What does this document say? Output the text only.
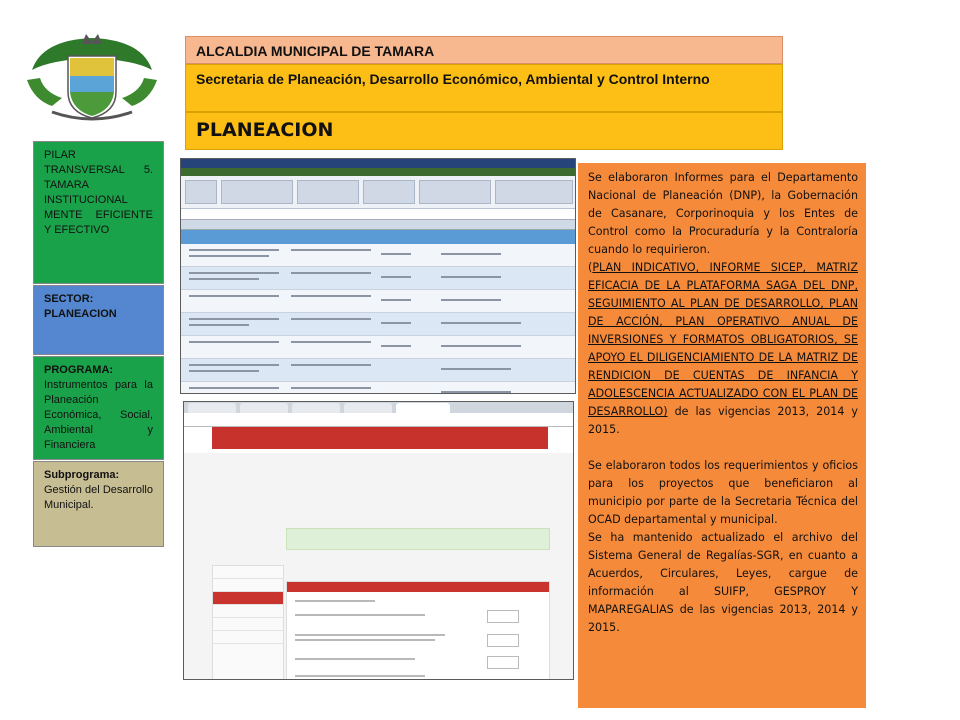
ALCALDIA MUNICIPAL DE TAMARA
Secretaria de Planeación, Desarrollo Económico, Ambiental y Control Interno
PLANEACION
PILAR TRANSVERSAL 5. TAMARA INSTITUCIONAL MENTE EFICIENTE Y EFECTIVO
SECTOR: PLANEACION
PROGRAMA: Instrumentos para la Planeación Económica, Social, Ambiental y Financiera
Subprograma: Gestión del Desarrollo Municipal.

Se elaboraron Informes para el Departamento Nacional de Planeación (DNP), la Gobernación de Casanare, Corporinoquia y los Entes de Control como la Procuraduría y la Contraloría cuando lo requirieron.

(PLAN INDICATIVO, INFORME SICEP, MATRIZ EFICACIA DE LA PLATAFORMA SAGA DEL DNP, SEGUIMIENTO AL PLAN DE DESARROLLO, PLAN DE ACCIÓN, PLAN OPERATIVO ANUAL DE INVERSIONES Y FORMATOS OBLIGATORIOS, SE APOYO EL DILIGENCIAMIENTO DE LA MATRIZ DE RENDICION DE CUENTAS DE INFANCIA Y ADOLESCENCIA ACTUALIZADO CON EL PLAN DE DESARROLLO) de las vigencias 2013, 2014 y 2015.

Se elaboraron todos los requerimientos y oficios para los proyectos que beneficiaron al municipio por parte de la Secretaria Técnica del OCAD departamental y municipal.

Se ha mantenido actualizado el archivo del Sistema General de Regalías-SGR, en cuanto a Acuerdos, Circulares, Leyes, cargue de información al SUIFP, GESPROY Y MAPAREGALIAS de las vigencias 2013, 2014 y 2015.
